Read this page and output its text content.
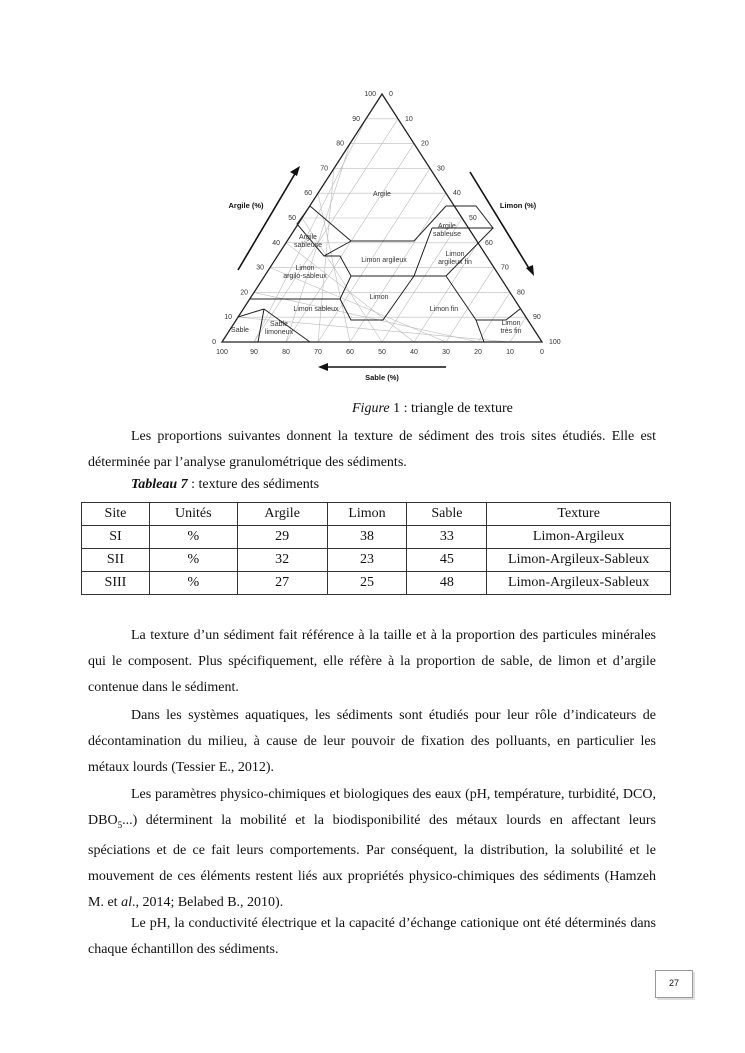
0
10
20
30
40
50
60
70
80
90
100 0
10
20
30
40
50
60
70
80
90
100
100	90	80	70	60	50	40	30	20	10	0
Argile
Argile
sableuse
Argile
sableuse
Limon
argilo-sableux
Limon argileux
Limon
argileux fin
Limon
Limon sableux	Limon fin
Limon
très fin
Sable
Sable
limoneux
Argile (%)	Limon (%)
Sable (%)
Figure 1 : triangle de texture
Les proportions suivantes donnent la texture de sédiment des trois sites étudiés. Elle est déterminée par l’analyse granulométrique des sédiments.
Tableau 7 : texture des sédiments
Site	Unités	Argile	Limon	Sable	Texture
SI	%	29	38	33	Limon-Argileux
SII	%	32	23	45	Limon-Argileux-Sableux
SIII	%	27	25	48	Limon-Argileux-Sableux
La texture d’un sédiment fait référence à la taille et à la proportion des particules minérales qui le composent. Plus spécifiquement, elle réfère à la proportion de sable, de limon et d’argile contenue dans le sédiment.
Dans les systèmes aquatiques, les sédiments sont étudiés pour leur rôle d’indicateurs de décontamination du milieu, à cause de leur pouvoir de fixation des polluants, en particulier les métaux lourds (Tessier E., 2012).
Les paramètres physico-chimiques et biologiques des eaux (pH, température, turbidité, DCO, $DBO_5$...) déterminent la mobilité et la biodisponibilité des métaux lourds en affectant leurs spéciations et de ce fait leurs comportements. Par conséquent, la distribution, la solubilité et le mouvement de ces éléments restent liés aux propriétés physico-chimiques des sédiments (Hamzeh M. et al., 2014; Belabed B., 2010).
Le pH, la conductivité électrique et la capacité d’échange cationique ont été déterminés dans chaque échantillon des sédiments.
27
